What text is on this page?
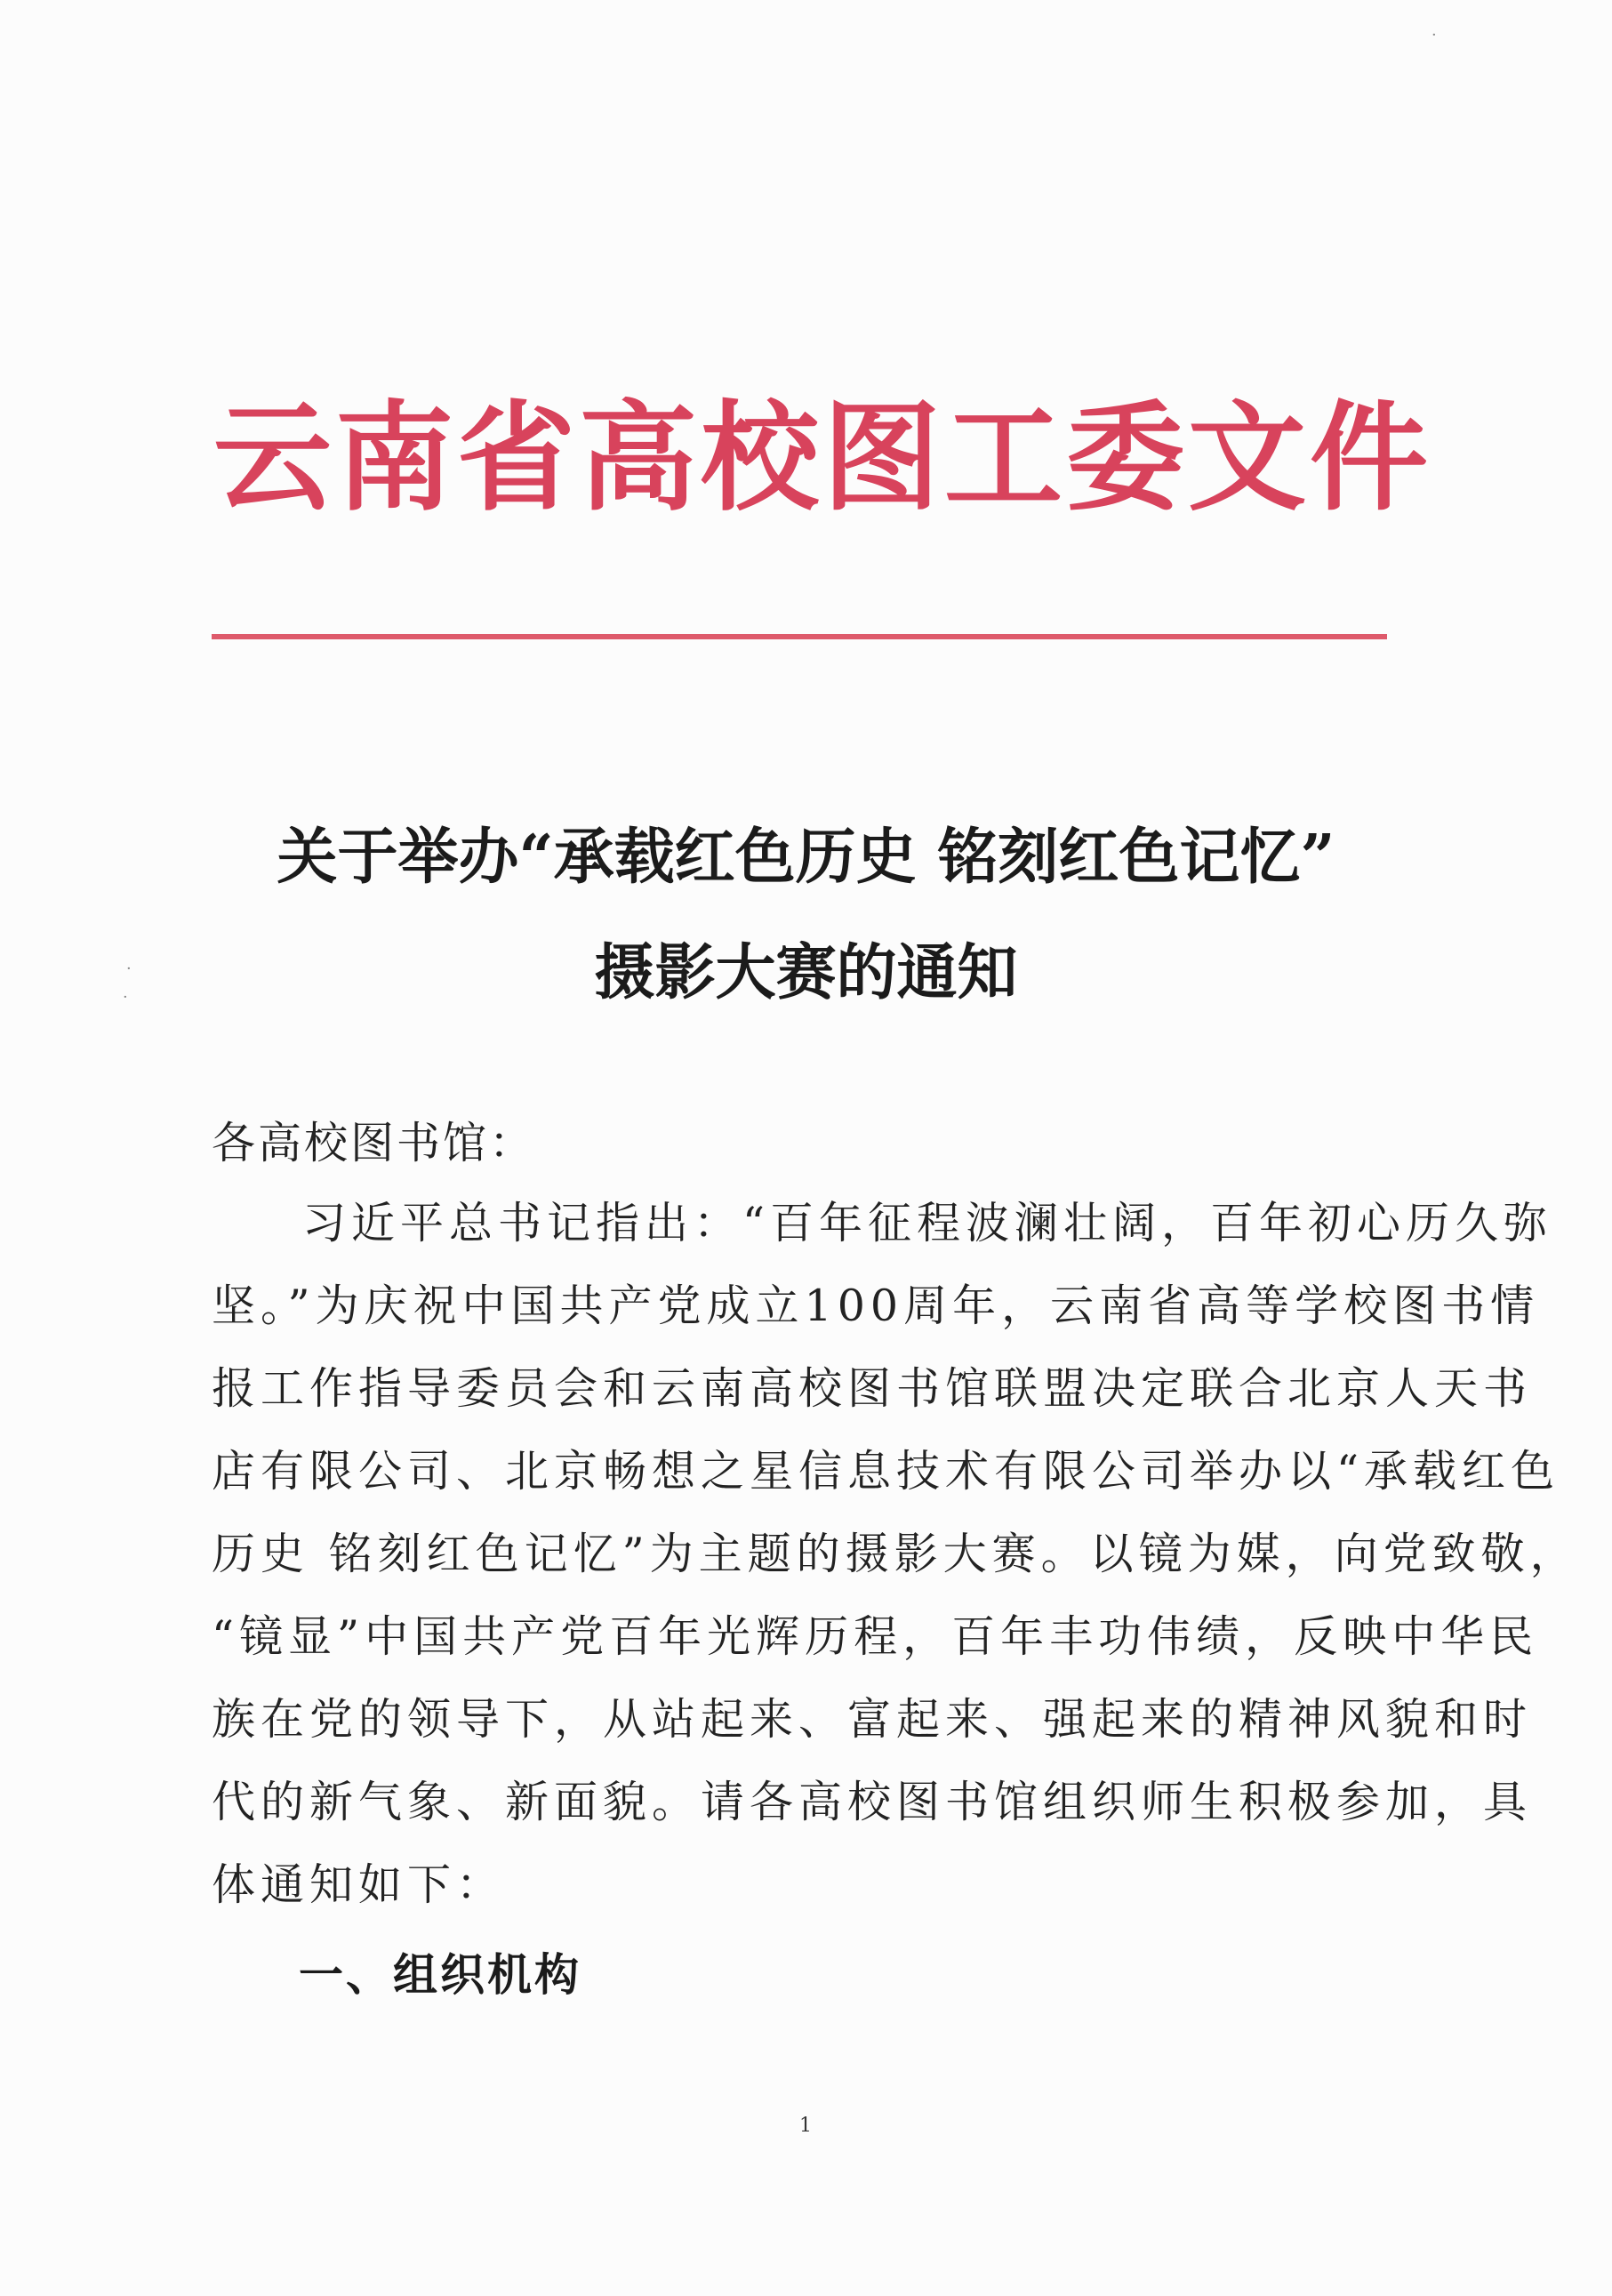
云南省高校图工委文件
关于举办“承载红色历史 铭刻红色记忆”
摄影大赛的通知
各高校图书馆：
习近平总书记指出：“百年征程波澜壮阔，百年初心历久弥
坚。”为庆祝中国共产党成立100周年，云南省高等学校图书情
报工作指导委员会和云南高校图书馆联盟决定联合北京人天书
店有限公司、北京畅想之星信息技术有限公司举办以“承载红色
历史 铭刻红色记忆”为主题的摄影大赛。以镜为媒，向党致敬，
“镜显”中国共产党百年光辉历程，百年丰功伟绩，反映中华民
族在党的领导下，从站起来、富起来、强起来的精神风貌和时
代的新气象、新面貌。请各高校图书馆组织师生积极参加，具
体通知如下：
一、组织机构
1
·
·
·
